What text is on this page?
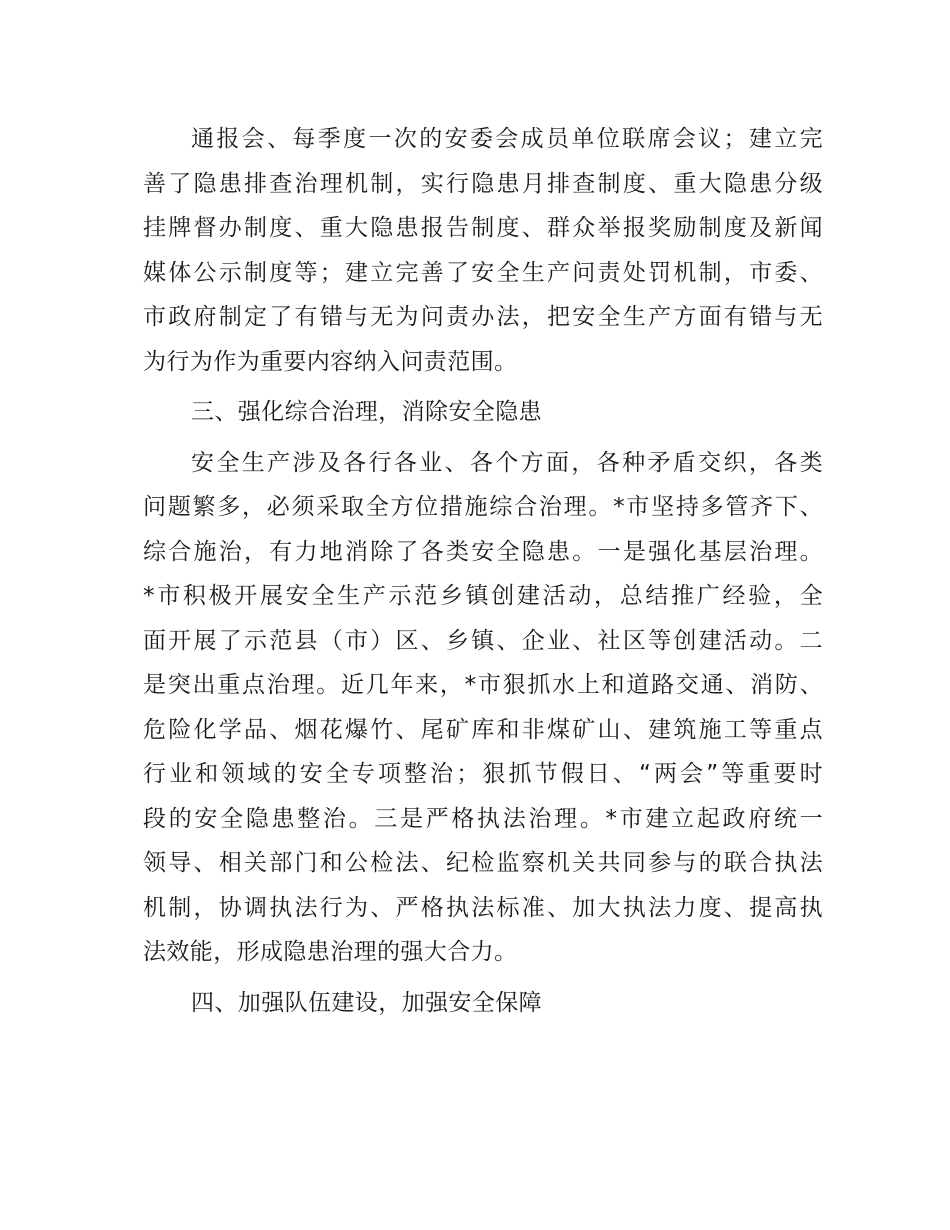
通报会、每季度一次的安委会成员单位联席会议；建立完
善了隐患排查治理机制，实行隐患月排查制度、重大隐患分级
挂牌督办制度、重大隐患报告制度、群众举报奖励制度及新闻
媒体公示制度等；建立完善了安全生产问责处罚机制，市委、
市政府制定了有错与无为问责办法，把安全生产方面有错与无
为行为作为重要内容纳入问责范围。
三、强化综合治理，消除安全隐患
安全生产涉及各行各业、各个方面，各种矛盾交织，各类
问题繁多，必须采取全方位措施综合治理。*市坚持多管齐下、
综合施治，有力地消除了各类安全隐患。一是强化基层治理。
*市积极开展安全生产示范乡镇创建活动，总结推广经验，全
面开展了示范县（市）区、乡镇、企业、社区等创建活动。二
是突出重点治理。近几年来，*市狠抓水上和道路交通、消防、
危险化学品、烟花爆竹、尾矿库和非煤矿山、建筑施工等重点
行业和领域的安全专项整治；狠抓节假日、“两会”等重要时
段的安全隐患整治。三是严格执法治理。*市建立起政府统一
领导、相关部门和公检法、纪检监察机关共同参与的联合执法
机制，协调执法行为、严格执法标准、加大执法力度、提高执
法效能，形成隐患治理的强大合力。
四、加强队伍建设，加强安全保障
